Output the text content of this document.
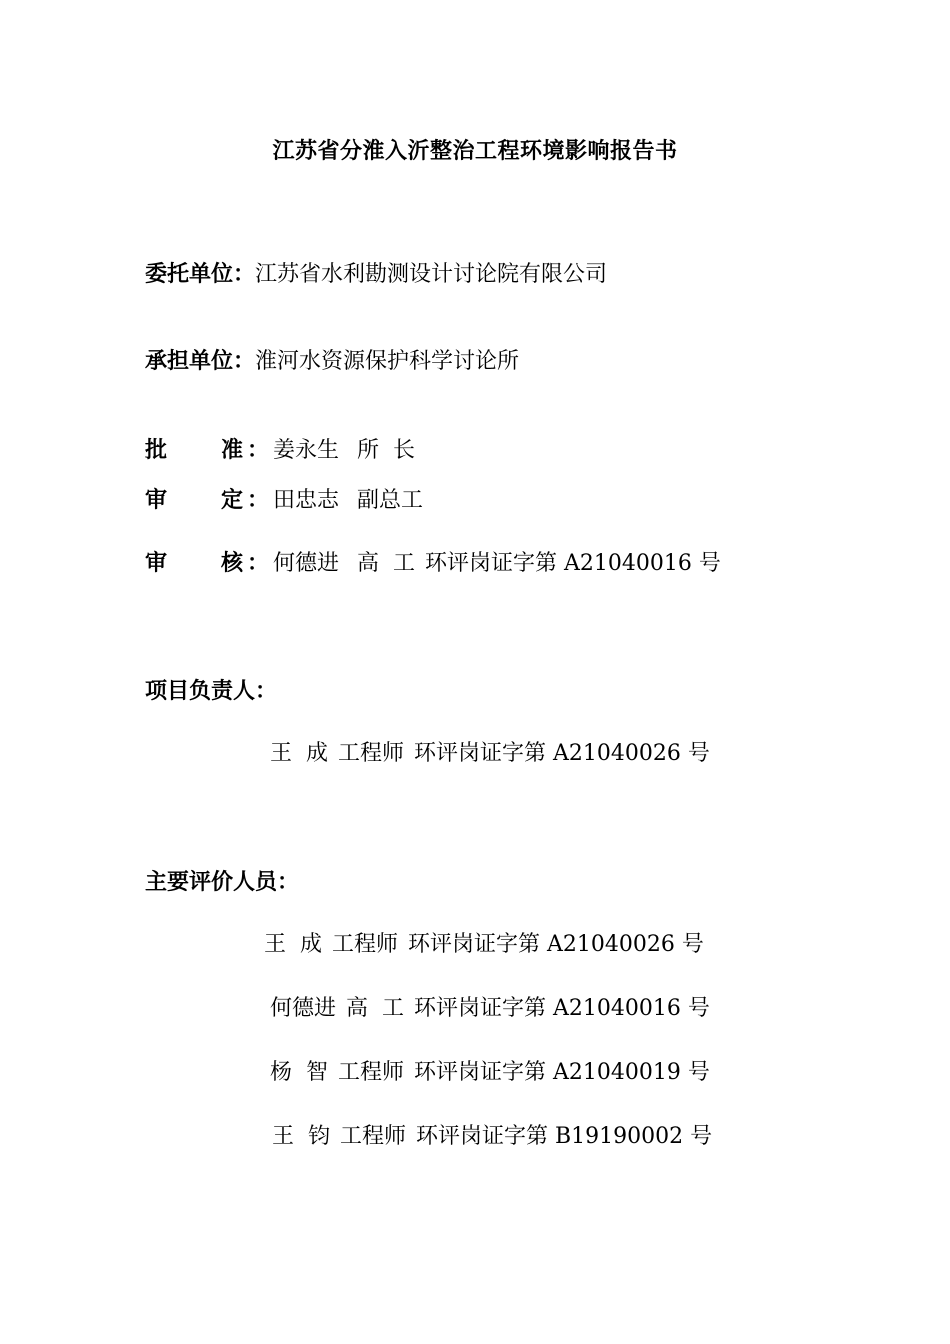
江苏省分淮入沂整治工程环境影响报告书
委托单位：江苏省水利勘测设计讨论院有限公司
承担单位：淮河水资源保护科学讨论所
批 准 ： 姜永生 所  长
审 定 ： 田忠志 副总工
审 核 ： 何德进 高  工 环评岗证字第 A21040016 号
项目负责人：
王  成 工程师 环评岗证字第 A21040026 号
主要评价人员：
王  成 工程师 环评岗证字第 A21040026 号
何德进 高  工 环评岗证字第 A21040016 号
杨  智 工程师 环评岗证字第 A21040019 号
王  钧 工程师 环评岗证字第 B19190002 号
